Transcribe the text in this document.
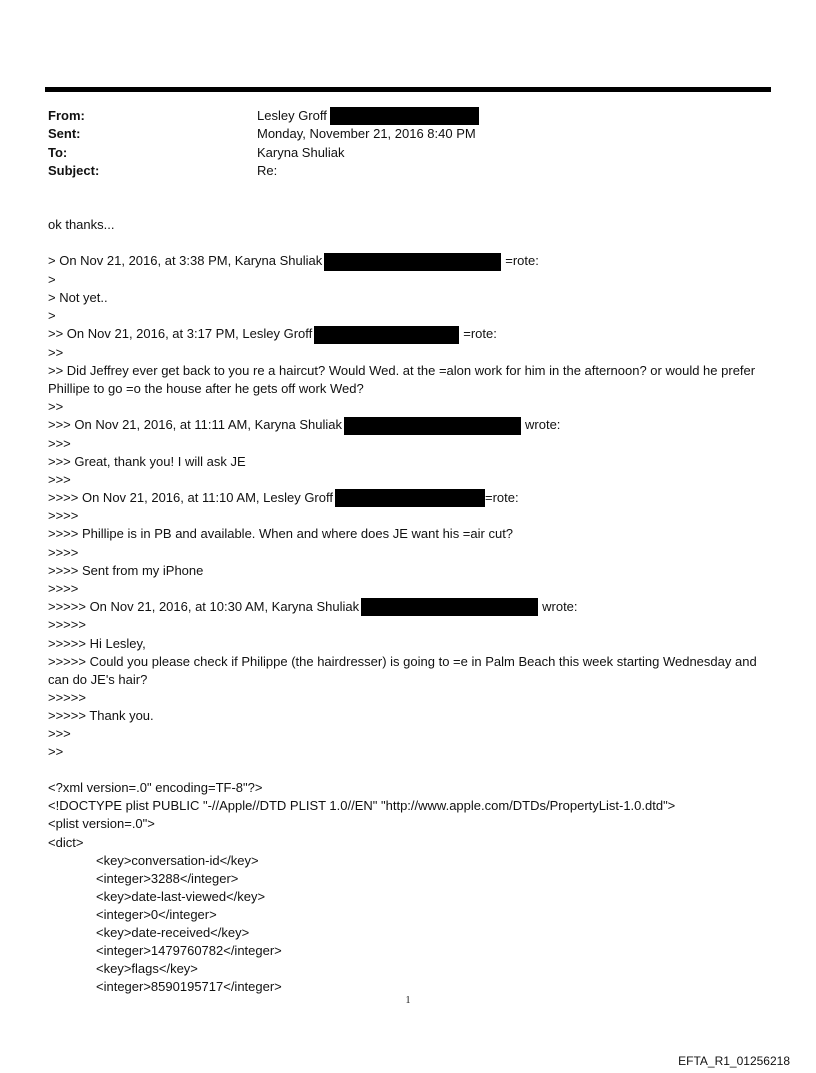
From:	Lesley Groff
Sent:	Monday, November 21, 2016 8:40 PM
To:	Karyna Shuliak
Subject:	Re:
ok thanks...
> On Nov 21, 2016, at 3:38 PM, Karyna Shuliak	=rote:
>
> Not yet..
>
>> On Nov 21, 2016, at 3:17 PM, Lesley Groff	=rote:
>>
>> Did Jeffrey ever get back to you re a haircut? Would Wed. at the =alon work for him in the afternoon? or would he prefer Phillipe to go =o the house after he gets off work Wed?
>>
>>> On Nov 21, 2016, at 11:11 AM, Karyna Shuliak	wrote:
>>>
>>> Great, thank you! I will ask JE
>>>
>>>> On Nov 21, 2016, at 11:10 AM, Lesley Groff	=rote:
>>>>
>>>> Phillipe is in PB and available. When and where does JE want his =air cut?
>>>>
>>>> Sent from my iPhone
>>>>
>>>>> On Nov 21, 2016, at 10:30 AM, Karyna Shuliak	wrote:
>>>>>
>>>>> Hi Lesley,
>>>>> Could you please check if Philippe (the hairdresser) is going to =e in Palm Beach this week starting Wednesday and can do JE's hair?
>>>>>
>>>>> Thank you.
>>>
>>
<?xml version=.0" encoding=TF-8"?>
<!DOCTYPE plist PUBLIC "-//Apple//DTD PLIST 1.0//EN" "http://www.apple.com/DTDs/PropertyList-1.0.dtd">
<plist version=.0">
<dict>
<key>conversation-id</key>
<integer>3288</integer>
<key>date-last-viewed</key>
<integer>0</integer>
<key>date-received</key>
<integer>1479760782</integer>
<key>flags</key>
<integer>8590195717</integer>
1
EFTA_R1_01256218
